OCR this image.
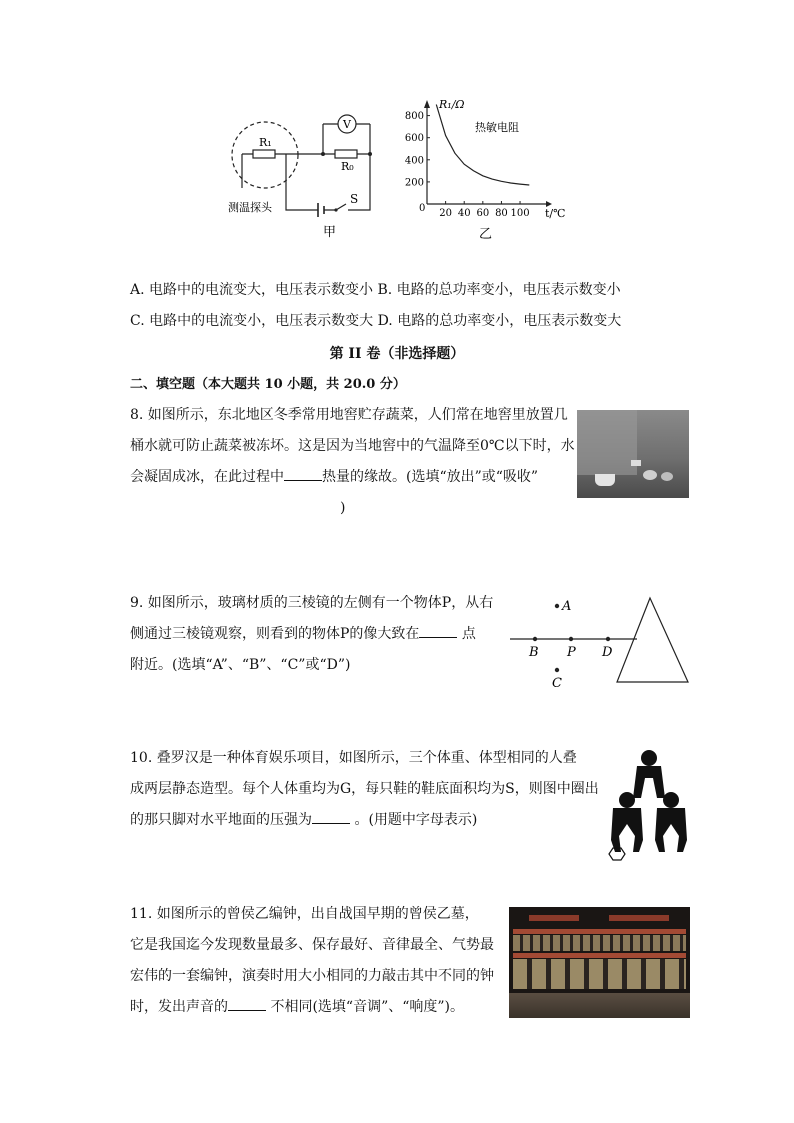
R₁
V
R₀
S
测温探头
甲
200
400
600
800
20 40 60 80 100
R₁/Ω
热敏电阻
t/℃
0
乙
A. 电路中的电流变大，电压表示数变小 B. 电路的总功率变小，电压表示数变小
C. 电路中的电流变小，电压表示数变大 D. 电路的总功率变小，电压表示数变大
第 II 卷（非选择题）
二、填空题（本大题共 10 小题，共 20.0 分）
8. 如图所示，东北地区冬季常用地窖贮存蔬菜，人们常在地窖里放置几
桶水就可防止蔬菜被冻坏。这是因为当地窖中的气温降至0℃以下时，水
会凝固成冰，在此过程中	热量的缘故。(选填“放出”或“吸收”
)
9. 如图所示，玻璃材质的三棱镜的左侧有一个物体P，从右
侧通过三棱镜观察，则看到的物体P的像大致在	点
附近。(选填“A”、“B”、“C”或“D”)
A
B P D
C
10. 叠罗汉是一种体育娱乐项目，如图所示，三个体重、体型相同的人叠
成两层静态造型。每个人体重均为G，每只鞋的鞋底面积均为S，则图中圈出
的那只脚对水平地面的压强为	。(用题中字母表示)
11. 如图所示的曾侯乙编钟，出自战国早期的曾侯乙墓，
它是我国迄今发现数量最多、保存最好、音律最全、气势最
宏伟的一套编钟，演奏时用大小相同的力敲击其中不同的钟
时，发出声音的	不相同(选填“音调”、“响度”)。
